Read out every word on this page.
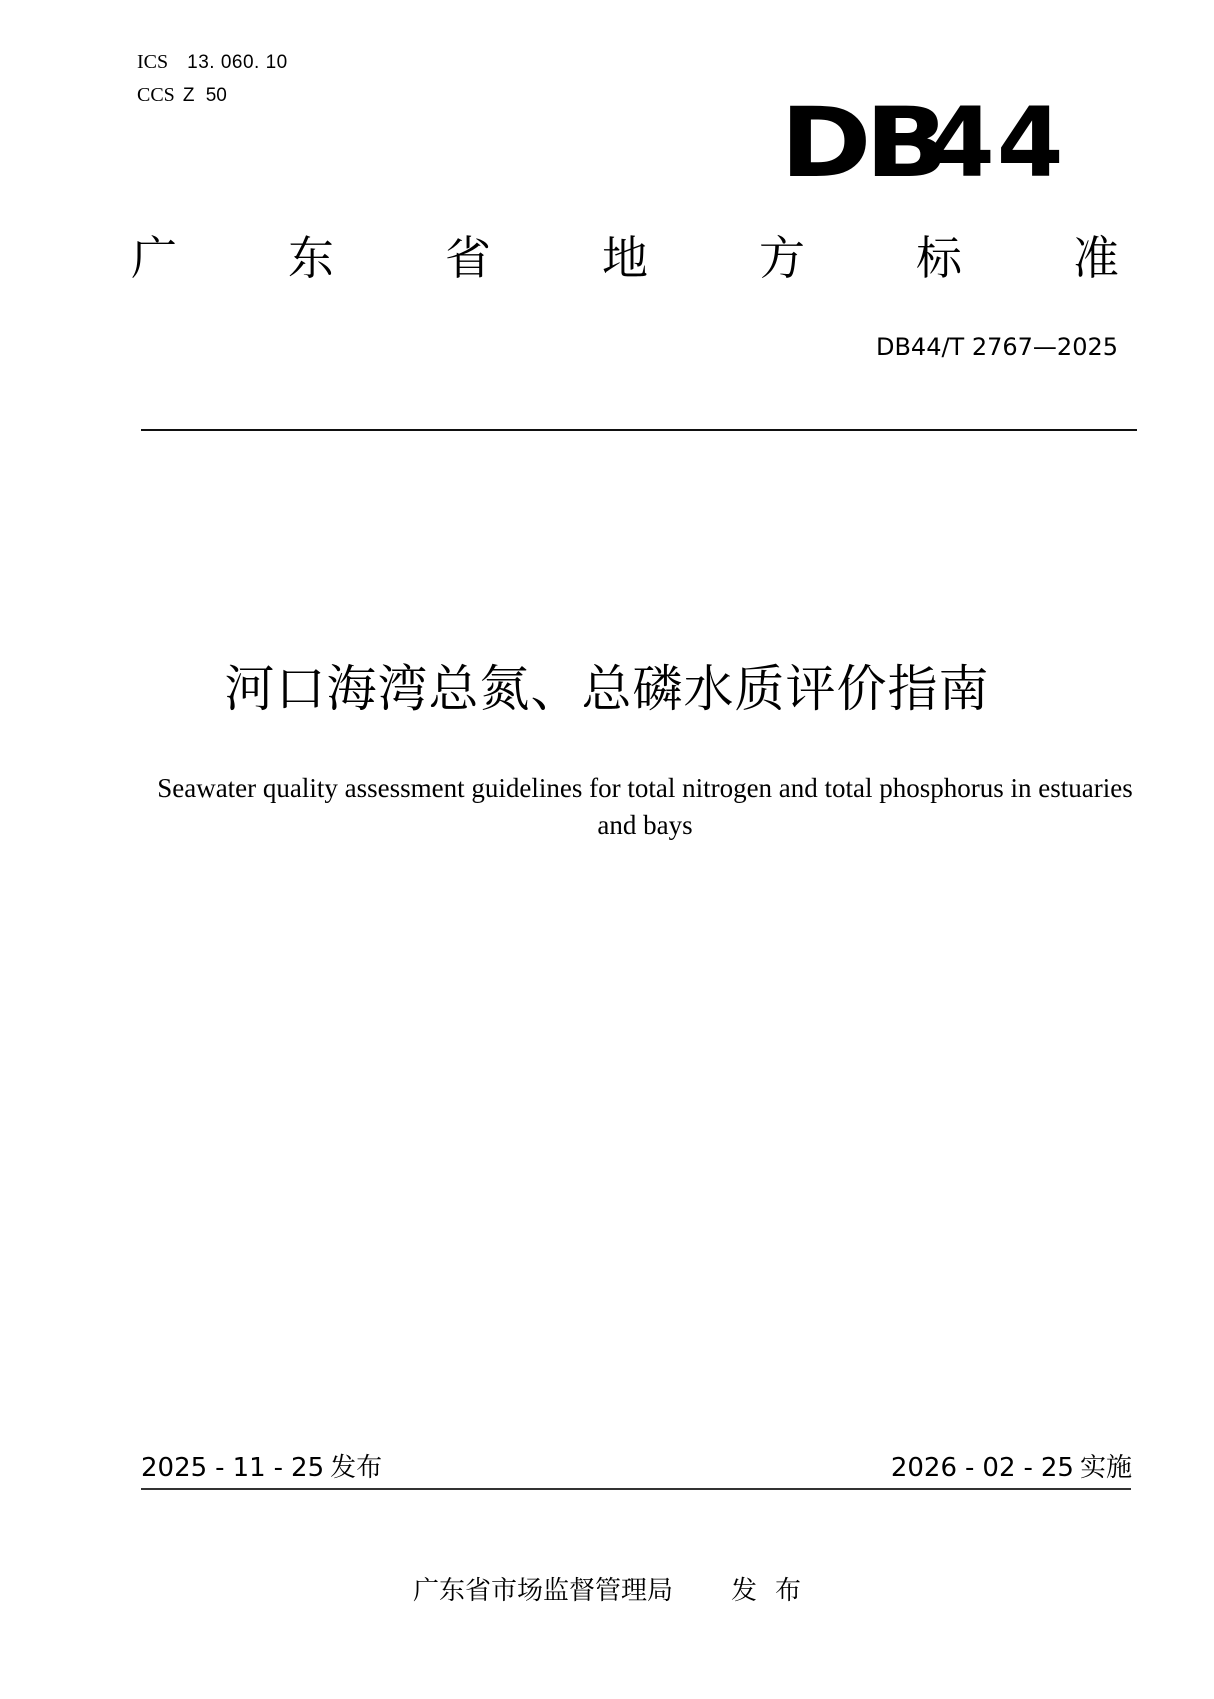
ICS 13. 060. 10
CCS Z 50	DB
44
广 东 省 地 方 标 准
DB44/T 2767—2025
河口海湾总氮、总磷水质评价指南
Seawater quality assessment guidelines for total nitrogen and total phosphorus in estuaries and bays
2025 - 11 - 25 发布	2026 - 02 - 25 实施
广东省市场监督管理局 发布
